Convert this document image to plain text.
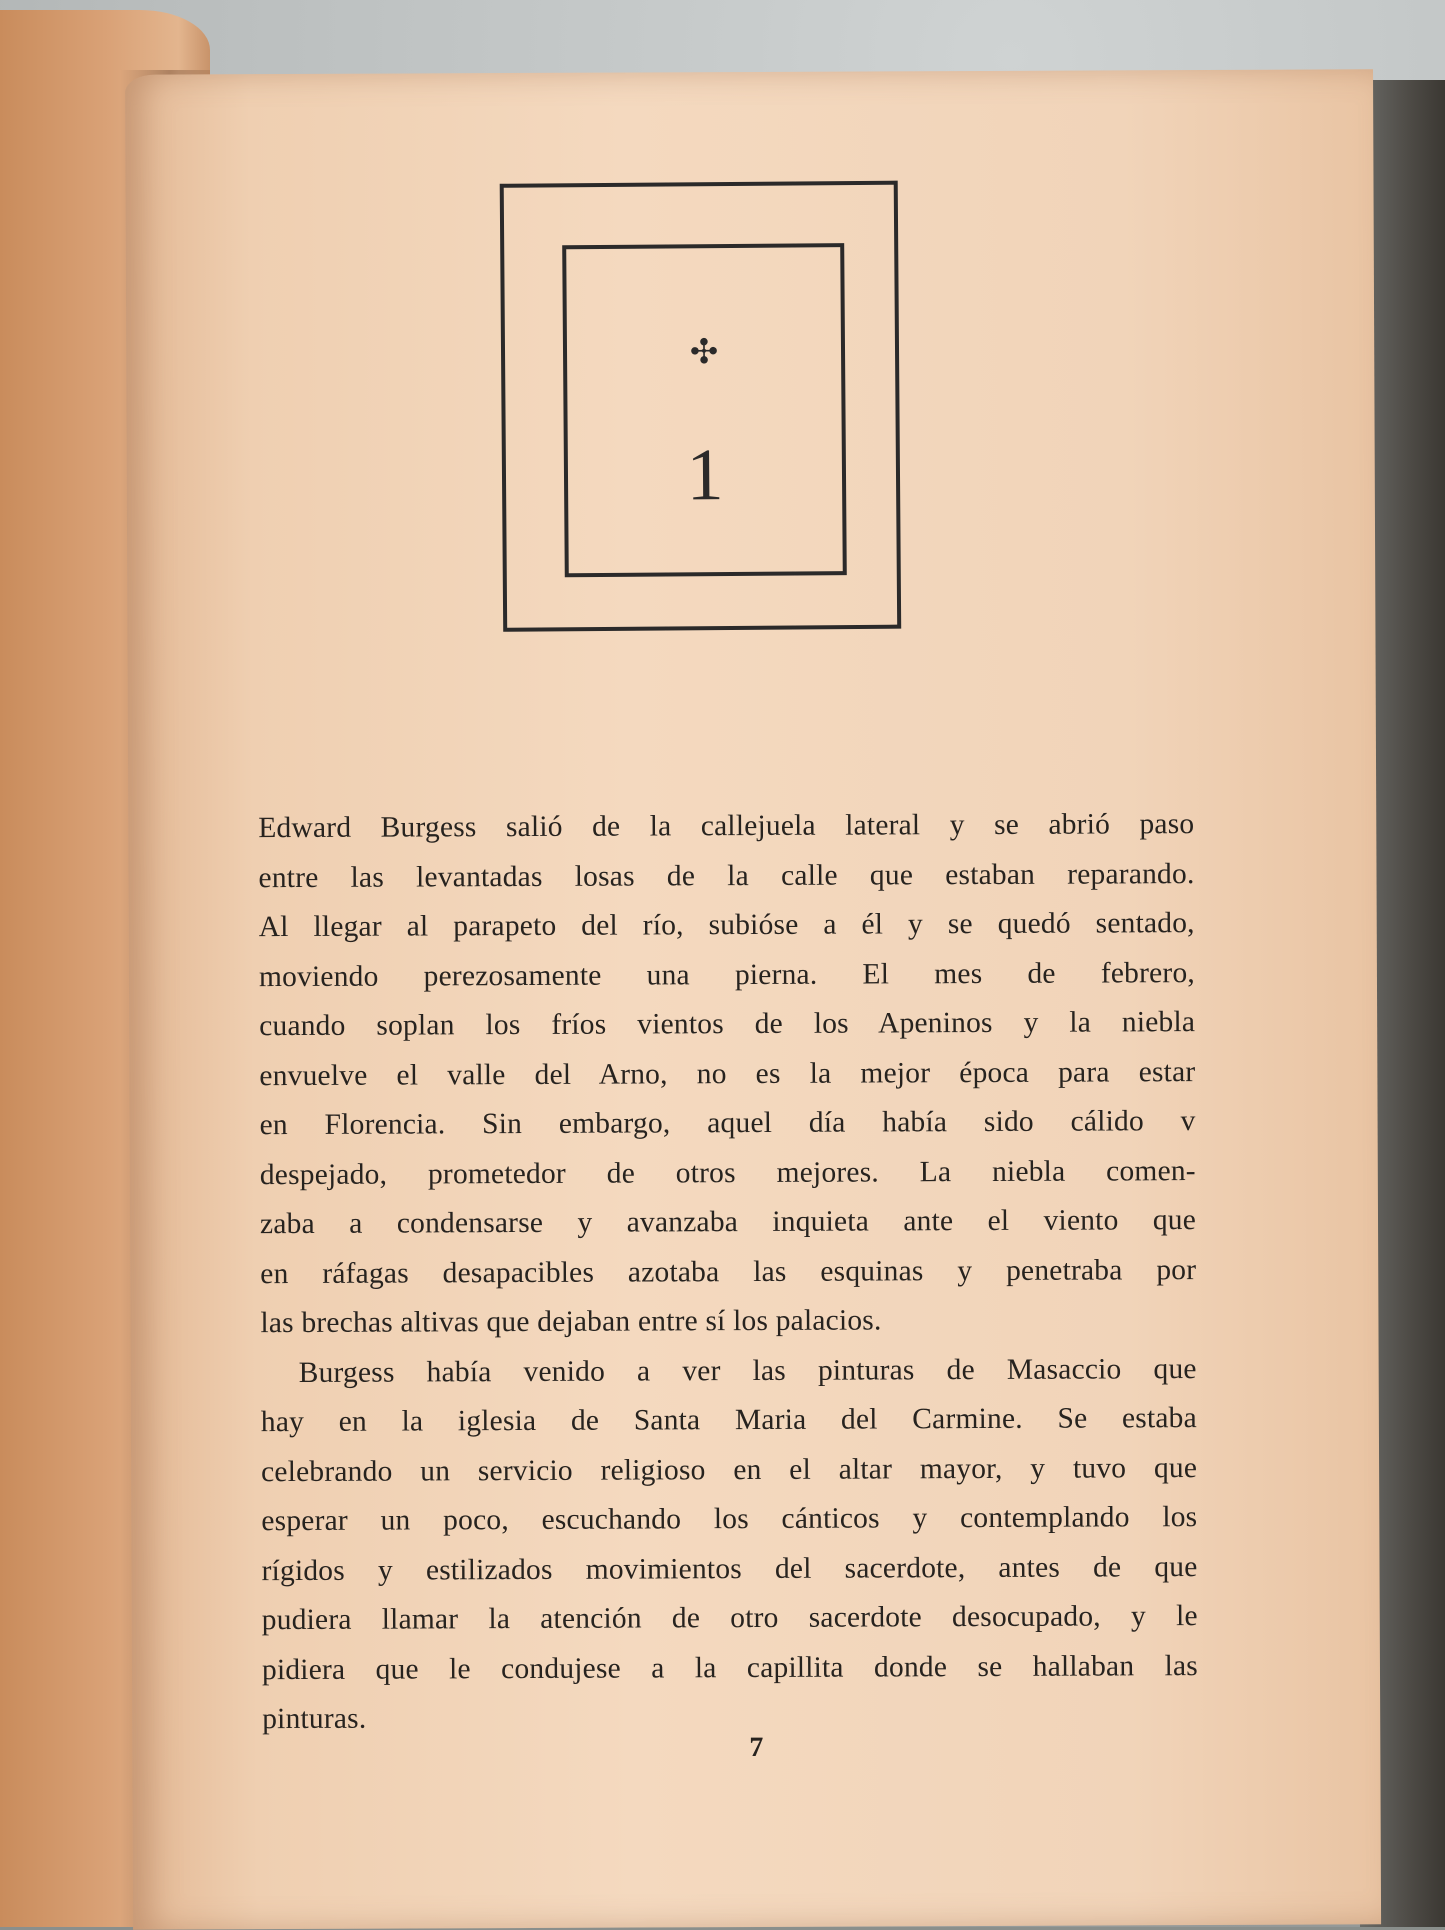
✣
1
Edward Burgess salió de la callejuela lateral y se abrió paso
entre las levantadas losas de la calle que estaban reparando.
Al llegar al parapeto del río, subióse a él y se quedó sentado,
moviendo perezosamente una pierna. El mes de febrero,
cuando soplan los fríos vientos de los Apeninos y la niebla
envuelve el valle del Arno, no es la mejor época para estar
en Florencia. Sin embargo, aquel día había sido cálido v
despejado, prometedor de otros mejores. La niebla comen-
zaba a condensarse y avanzaba inquieta ante el viento que
en ráfagas desapacibles azotaba las esquinas y penetraba por
las brechas altivas que dejaban entre sí los palacios.
Burgess había venido a ver las pinturas de Masaccio que
hay en la iglesia de Santa Maria del Carmine. Se estaba
celebrando un servicio religioso en el altar mayor, y tuvo que
esperar un poco, escuchando los cánticos y contemplando los
rígidos y estilizados movimientos del sacerdote, antes de que
pudiera llamar la atención de otro sacerdote desocupado, y le
pidiera que le condujese a la capillita donde se hallaban las
pinturas.
7
